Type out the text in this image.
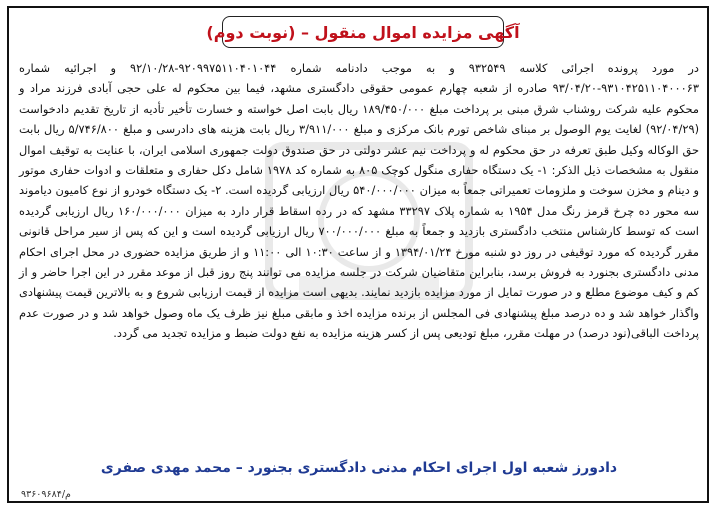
آگهی مزایده اموال منقول – (نوبت دوم)
در مورد پرونده اجرائی کلاسه ۹۳۲۵۴۹ و به موجب دادنامه شماره ۹۲۰۹۹۷۵۱۱۰۴۰۱۰۴۴-۹۲/۱۰/۲۸ و اجرائیه شماره ۹۳۱۰۴۲۵۱۱۰۴۰۰۰۶۳-۹۳/۰۴/۲۰ صادره از شعبه چهارم عمومی حقوقی دادگستری مشهد، فیما بین محکوم له علی حجی آبادی فرزند مراد و محکوم علیه شرکت روشناب شرق مبنی بر پرداخت مبلغ ۱۸۹/۴۵۰/۰۰۰ ریال بابت اصل خواسته و خسارت تأخیر تأدیه از تاریخ تقدیم دادخواست (۹۲/۰۴/۲۹) لغایت یوم الوصول بر مبنای شاخص تورم بانک مرکزی و مبلغ ۳/۹۱۱/۰۰۰ ریال بابت هزینه های دادرسی و مبلغ ۵/۷۴۶/۸۰۰ ریال بابت حق الوکاله وکیل طبق تعرفه در حق محکوم له و پرداخت نیم عشر دولتی در حق صندوق دولت جمهوری اسلامی ایران، با عنایت به توقیف اموال منقول به مشخصات ذیل الذکر: ۱- یک دستگاه حفاری منگول کوچک ۸۰۵ به شماره کد ۱۹۷۸ شامل دکل حفاری و متعلقات و ادوات حفاری موتور و دینام و مخزن سوخت و ملزومات تعمیراتی جمعاً به میزان ۵۴۰/۰۰۰/۰۰۰ ریال ارزیابی گردیده است. ۲- یک دستگاه خودرو از نوع کامیون دیاموند سه محور ده چرخ قرمز رنگ مدل ۱۹۵۴ به شماره پلاک ۳۳۲۹۷ مشهد که در رده اسقاط قرار دارد به میزان ۱۶۰/۰۰۰/۰۰۰ ریال ارزیابی گردیده است که توسط کارشناس منتخب دادگستری بازدید و جمعاً به مبلغ ۷۰۰/۰۰۰/۰۰۰ ریال ارزیابی گردیده است و این که پس از سیر مراحل قانونی مقرر گردیده که مورد توقیفی در روز دو شنبه مورخ ۱۳۹۴/۰۱/۲۴ و از ساعت ۱۰:۳۰ الی ۱۱:۰۰ و از طریق مزایده حضوری در محل اجرای احکام مدنی دادگستری بجنورد به فروش برسد، بنابراین متقاضیان شرکت در جلسه مزایده می توانند پنج روز قبل از موعد مقرر در این اجرا حاضر و از کم و کیف موضوع مطلع و در صورت تمایل از مورد مزایده بازدید نمایند. بدیهی است مزایده از قیمت ارزیابی شروع و به بالاترین قیمت پیشنهادی واگذار خواهد شد و ده درصد مبلغ پیشنهادی فی المجلس از برنده مزایده اخذ و مابقی مبلغ نیز ظرف یک ماه وصول خواهد شد و در صورت عدم پرداخت الباقی(نود درصد) در مهلت مقرر، مبلغ تودیعی پس از کسر هزینه مزایده به نفع دولت ضبط و مزایده تجدید می گردد.
دادورز شعبه اول اجرای احکام مدنی دادگستری بجنورد – محمد مهدی صفری
م/۹۳۶۰۹۶۸۴
